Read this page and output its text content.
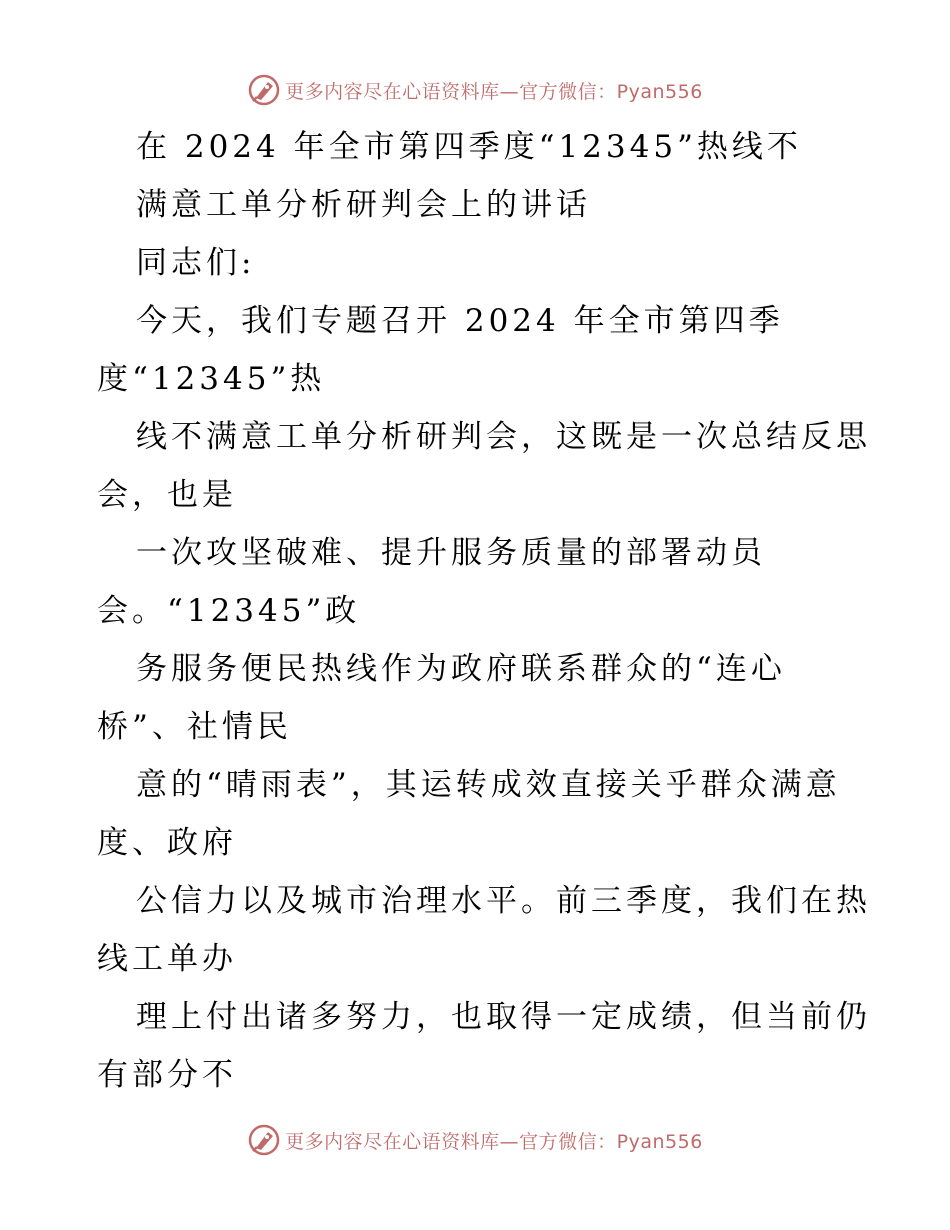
更多内容尽在心语资料库—官方微信：Pyan556
在 2024 年全市第四季度“12345”热线不
满意工单分析研判会上的讲话
同志们:
今天，我们专题召开 2024 年全市第四季
度“12345”热
线不满意工单分析研判会，这既是一次总结反思
会，也是
一次攻坚破难、提升服务质量的部署动员
会。“12345”政
务服务便民热线作为政府联系群众的“连心
桥”、社情民
意的“晴雨表”，其运转成效直接关乎群众满意
度、政府
公信力以及城市治理水平。前三季度，我们在热
线工单办
理上付出诸多努力，也取得一定成绩，但当前仍
有部分不
更多内容尽在心语资料库—官方微信：Pyan556
